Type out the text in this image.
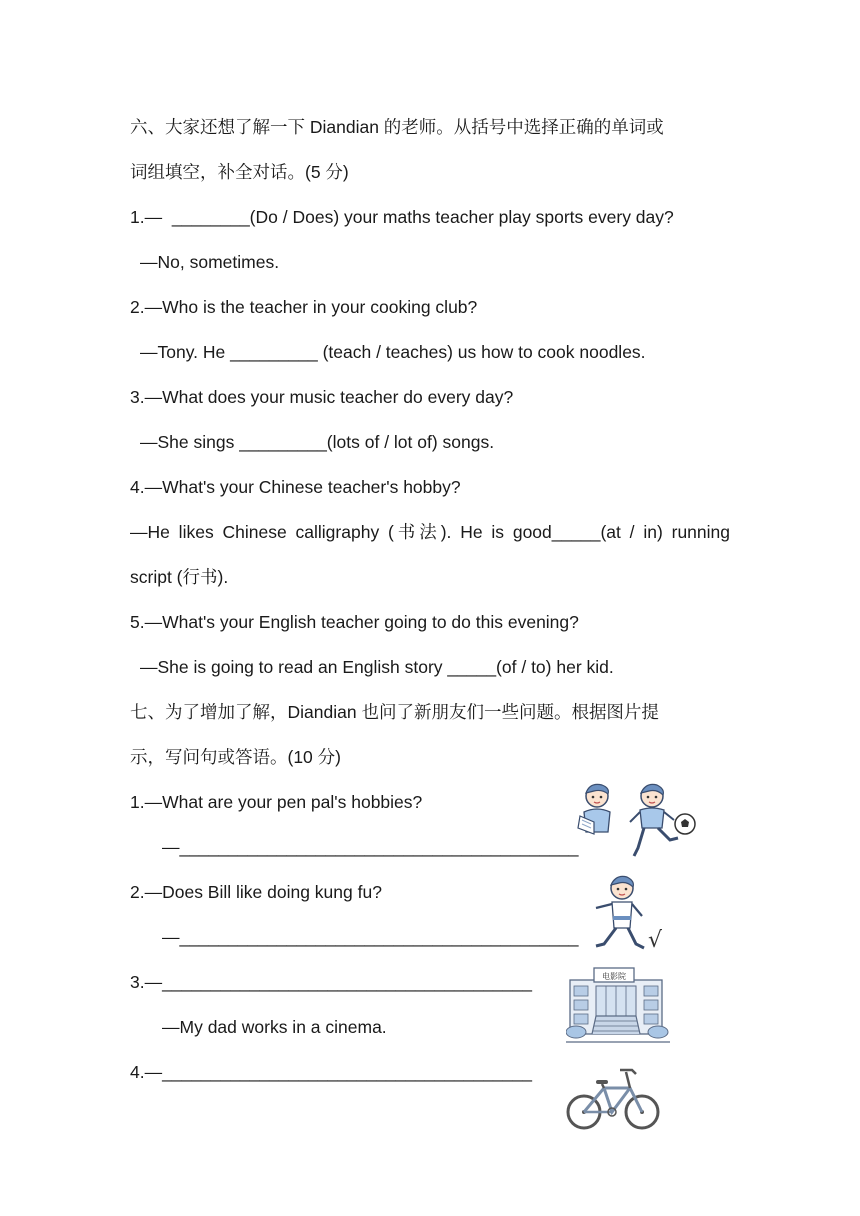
六、大家还想了解一下 Diandian 的老师。从括号中选择正确的单词或
词组填空，补全对话。(5 分)
1.—  ________(Do / Does) your maths teacher play sports every day?
—No, sometimes.
2.—Who is the teacher in your cooking club?
—Tony. He _________ (teach / teaches) us how to cook noodles.
3.—What does your music teacher do every day?
—She sings _________(lots of / lot of) songs.
4.—What's your Chinese teacher's hobby?
—He likes Chinese calligraphy (书法). He is good_____(at / in) running
script (行书).
5.—What's your English teacher going to do this evening?
—She is going to read an English story _____(of / to) her kid.
七、为了增加了解，Diandian 也问了新朋友们一些问题。根据图片提
示，写问句或答语。(10 分)
1.—What are your pen pal's hobbies?
—_________________________________________
2.—Does Bill like doing kung fu?
—_________________________________________
3.—______________________________________
—My dad works in a cinema.
4.—______________________________________
√
电影院
